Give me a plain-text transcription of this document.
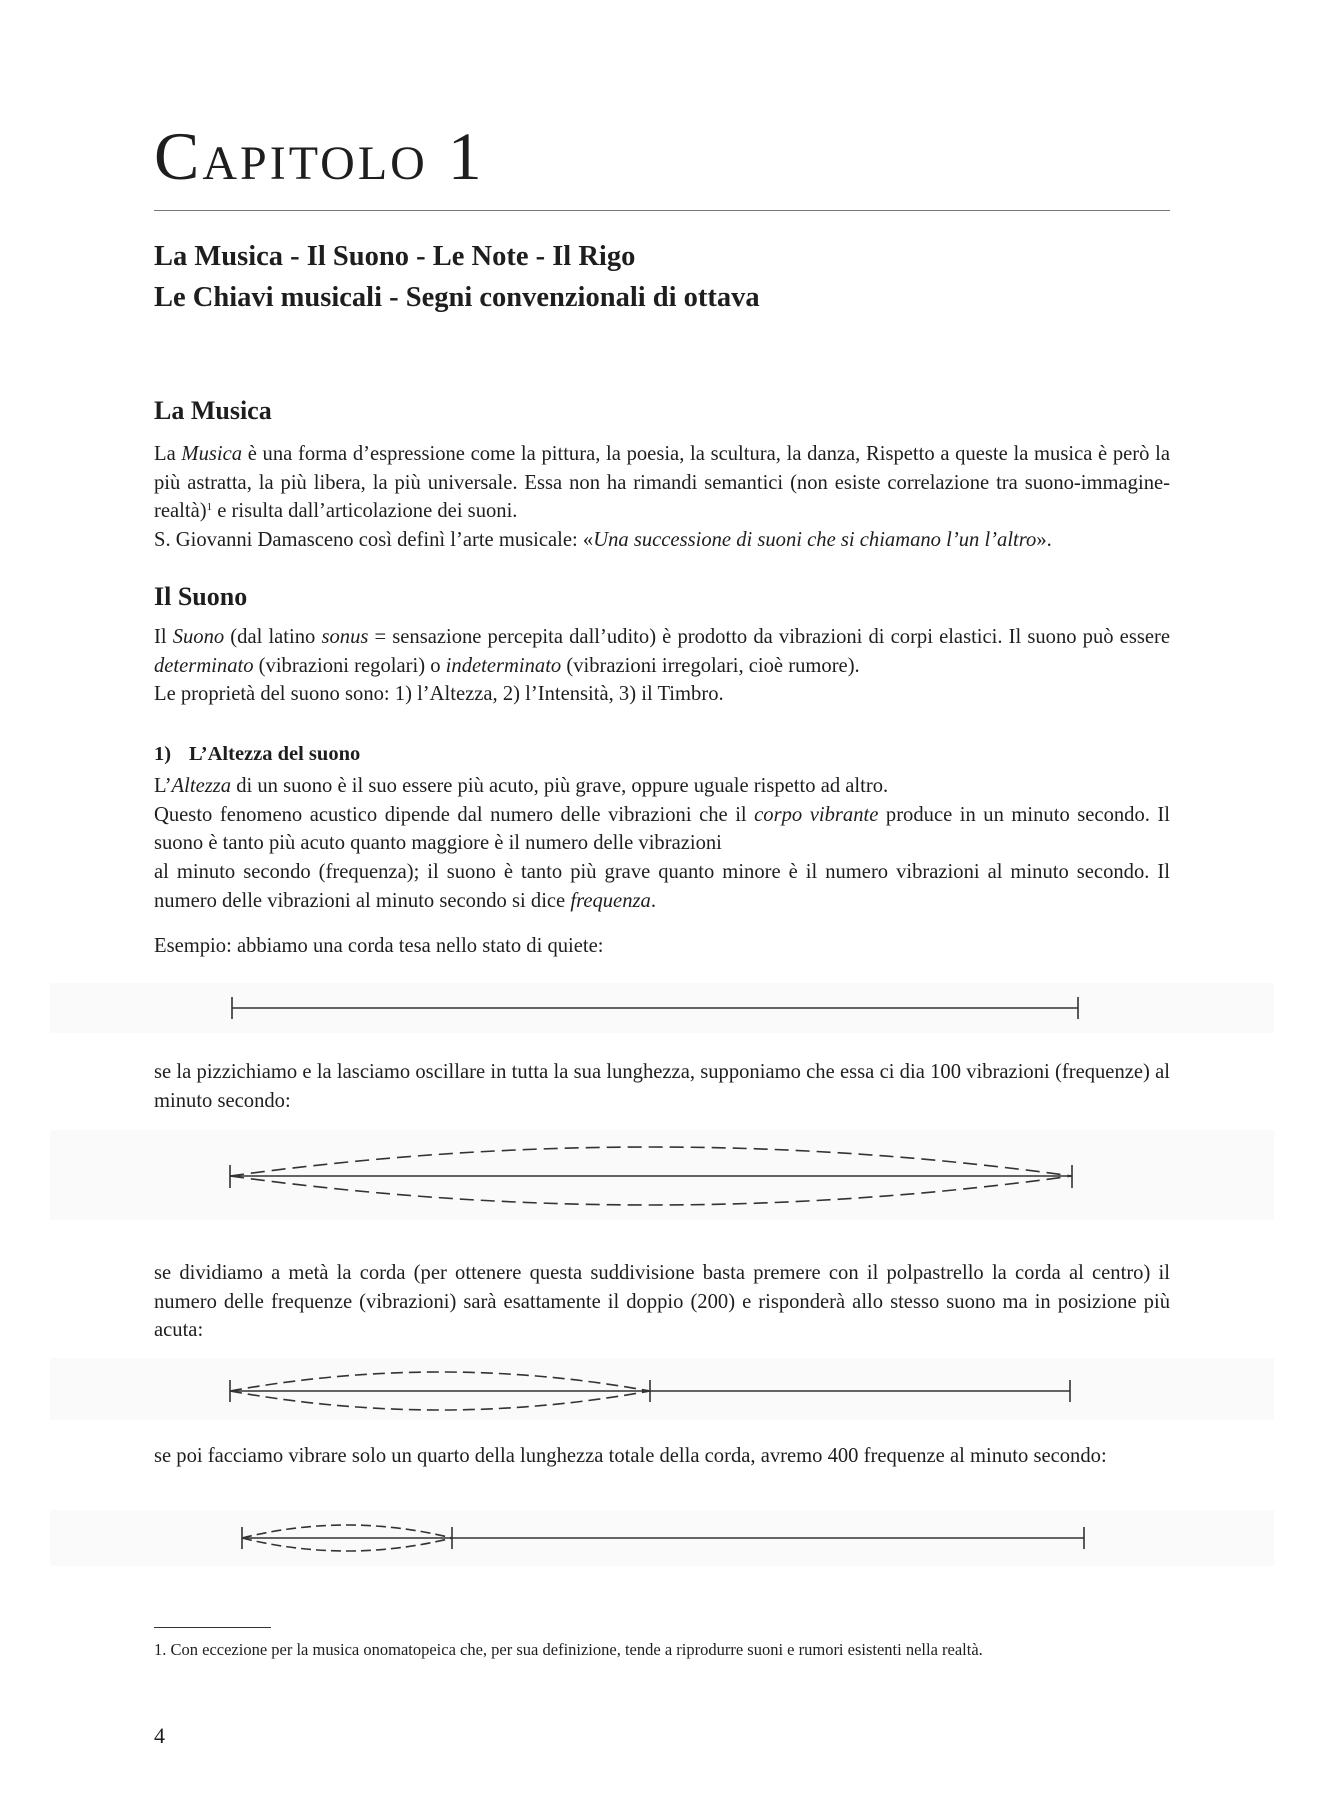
Capitolo 1
La Musica - Il Suono - Le Note - Il Rigo
Le Chiavi musicali - Segni convenzionali di ottava
La Musica

La Musica è una forma d’espressione come la pittura, la poesia, la scultura, la danza, Rispetto a queste la musica è però la più astratta, la più libera, la più universale. Essa non ha rimandi semantici (non esiste correlazione tra suono-immagine-realtà)$^1$ e risulta dall’articolazione dei suoni.

S. Giovanni Damasceno così definì l’arte musicale: «Una successione di suoni che si chiamano l’un l’altro».

Il Suono

Il Suono (dal latino sonus = sensazione percepita dall’udito) è prodotto da vibrazioni di corpi elastici. Il suono può essere determinato (vibrazioni regolari) o indeterminato (vibrazioni irregolari, cioè rumore).

Le proprietà del suono sono: 1) l’Altezza, 2) l’Intensità, 3) il Timbro.

1) L’Altezza del suono

L’Altezza di un suono è il suo essere più acuto, più grave, oppure uguale rispetto ad altro.

Questo fenomeno acustico dipende dal numero delle vibrazioni che il corpo vibrante produce in un minuto secondo. Il suono è tanto più acuto quanto maggiore è il numero delle vibrazioni

al minuto secondo (frequenza); il suono è tanto più grave quanto minore è il numero vibrazioni al minuto secondo. Il numero delle vibrazioni al minuto secondo si dice frequenza.

Esempio: abbiamo una corda tesa nello stato di quiete:

se la pizzichiamo e la lasciamo oscillare in tutta la sua lunghezza, supponiamo che essa ci dia 100 vibrazioni (frequenze) al minuto secondo:

se dividiamo a metà la corda (per ottenere questa suddivisione basta premere con il polpastrello la corda al centro) il numero delle frequenze (vibrazioni) sarà esattamente il doppio (200) e risponderà allo stesso suono ma in posizione più acuta:

se poi facciamo vibrare solo un quarto della lunghezza totale della corda, avremo 400 frequenze al minuto secondo:

1. Con eccezione per la musica onomatopeica che, per sua definizione, tende a riprodurre suoni e rumori esistenti nella realtà.
4
